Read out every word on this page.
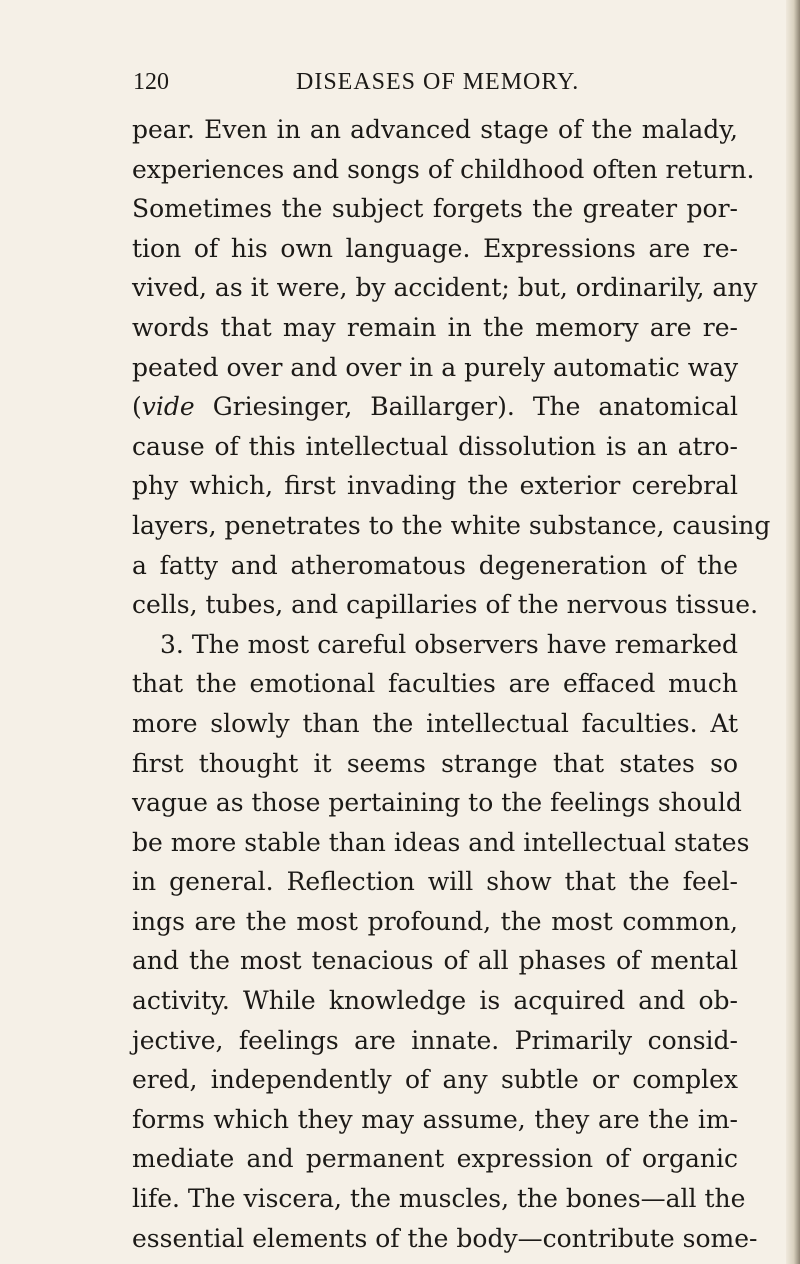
120	DISEASES OF MEMORY.
pear. Even in an advanced stage of the malady,
experiences and songs of childhood often return.
Sometimes the subject forgets the greater por-
tion of his own language. Expressions are re-
vived, as it were, by accident; but, ordinarily, any
words that may remain in the memory are re-
peated over and over in a purely automatic way
(vide Griesinger, Baillarger). The anatomical
cause of this intellectual dissolution is an atro-
phy which, first invading the exterior cerebral
layers, penetrates to the white substance, causing
a fatty and atheromatous degeneration of the
cells, tubes, and capillaries of the nervous tissue.
3. The most careful observers have remarked
that the emotional faculties are effaced much
more slowly than the intellectual faculties. At
first thought it seems strange that states so
vague as those pertaining to the feelings should
be more stable than ideas and intellectual states
in general. Reflection will show that the feel-
ings are the most profound, the most common,
and the most tenacious of all phases of mental
activity. While knowledge is acquired and ob-
jective, feelings are innate. Primarily consid-
ered, independently of any subtle or complex
forms which they may assume, they are the im-
mediate and permanent expression of organic
life. The viscera, the muscles, the bones—all the
essential elements of the body—contribute some-
